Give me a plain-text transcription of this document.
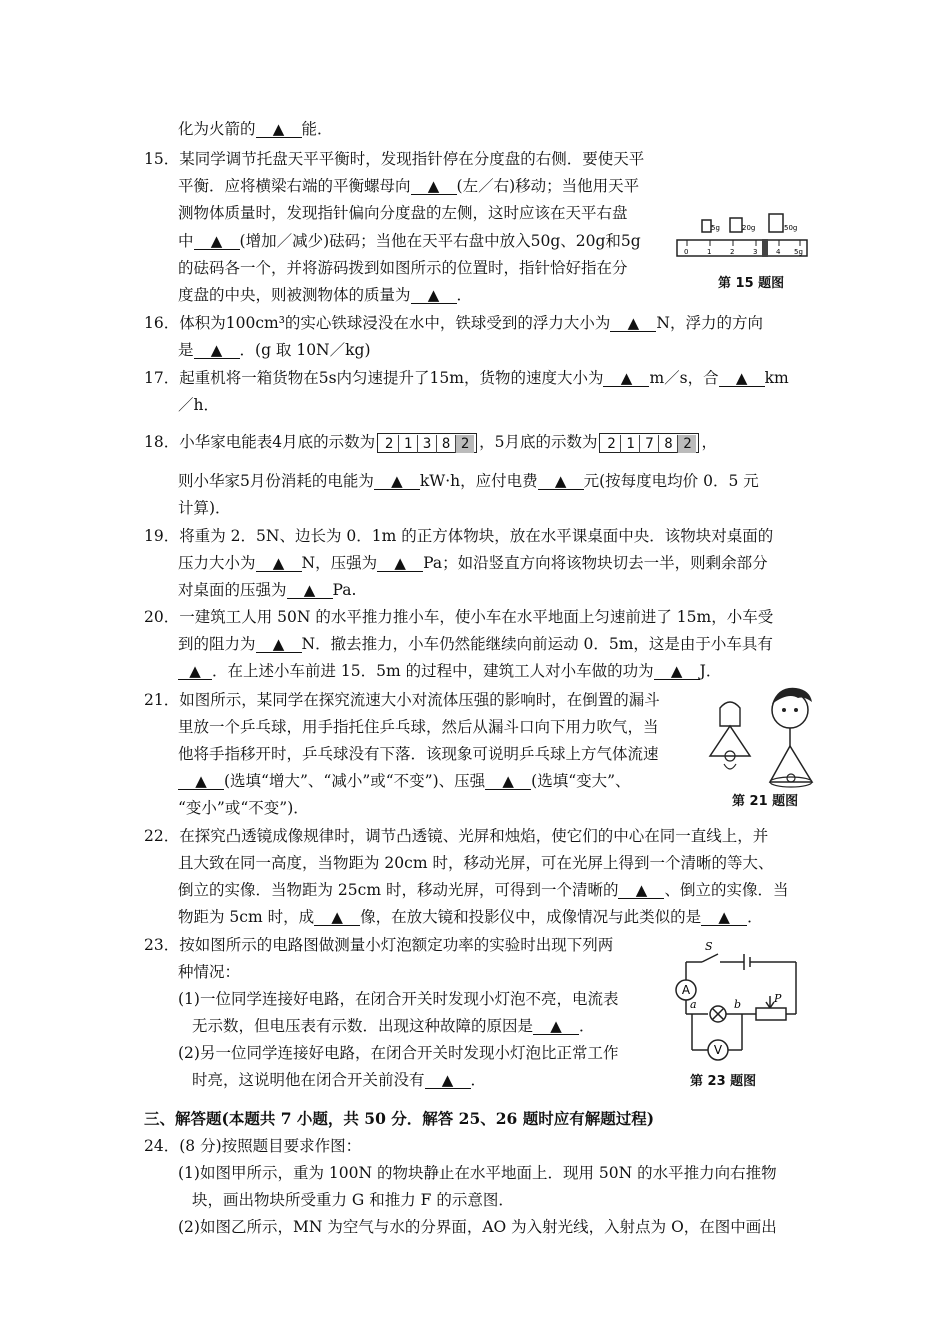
化为火箭的 ▲ 能．
15．某同学调节托盘天平平衡时，发现指针停在分度盘的右侧．要使天平
平衡．应将横梁右端的平衡螺母向 ▲ (左／右)移动；当他用天平
测物体质量时，发现指针偏向分度盘的左侧，这时应该在天平右盘
中 ▲ (增加／减少)砝码；当他在天平右盘中放入50g、20g和5g
的砝码各一个，并将游码拨到如图所示的位置时，指针恰好指在分
度盘的中央，则被测物体的质量为 ▲ ．
5g	20g	50g
0	1	2	3	4 5g
第 15 题图
16．体积为100cm³的实心铁球浸没在水中，铁球受到的浮力大小为 ▲ N，浮力的方向
是 ▲ ．(g 取 10N／kg)
17．起重机将一箱货物在5s内匀速提升了15m，货物的速度大小为 ▲ m／s，合 ▲ km
／h．
18．小华家电能表4月底的示数为 2 1 3 8 2 ，5月底的示数为 2 1 7 8 2 ，
则小华家5月份消耗的电能为 ▲ kW·h，应付电费 ▲ 元(按每度电均价 0．5 元
计算)．
19．将重为 2．5N、边长为 0．1m 的正方体物块，放在水平课桌面中央．该物块对桌面的
压力大小为 ▲ N，压强为 ▲ Pa；如沿竖直方向将该物块切去一半，则剩余部分
对桌面的压强为 ▲ Pa.
20．一建筑工人用 50N 的水平推力推小车，使小车在水平地面上匀速前进了 15m，小车受
到的阻力为 ▲ N．撤去推力，小车仍然能继续向前运动 0．5m，这是由于小车具有
▲ ．在上述小车前进 15．5m 的过程中，建筑工人对小车做的功为 ▲ J．
21．如图所示，某同学在探究流速大小对流体压强的影响时，在倒置的漏斗
里放一个乒乓球，用手指托住乒乓球，然后从漏斗口向下用力吹气，当
他将手指移开时，乒乓球没有下落．该现象可说明乒乓球上方气体流速
▲ (选填“增大”、“减小”或“不变”)、压强 ▲ (选填“变大”、
“变小”或“不变”)．	第 21 题图
22．在探究凸透镜成像规律时，调节凸透镜、光屏和烛焰，使它们的中心在同一直线上，并
且大致在同一高度，当物距为 20cm 时，移动光屏，可在光屏上得到一个清晰的等大、
倒立的实像．当物距为 25cm 时，移动光屏，可得到一个清晰的 ▲ 、倒立的实像．当
物距为 5cm 时，成 ▲ 像，在放大镜和投影仪中，成像情况与此类似的是 ▲ ．
23．按如图所示的电路图做测量小灯泡额定功率的实验时出现下列两
种情况：
(1)一位同学连接好电路，在闭合开关时发现小灯泡不亮，电流表
无示数，但电压表有示数．出现这种故障的原因是 ▲ ．
(2)另一位同学连接好电路，在闭合开关时发现小灯泡比正常工作
时亮，这说明他在闭合开关前没有 ▲ ．
S
a	b	P
A
V
第 23 题图
三、解答题(本题共 7 小题，共 50 分．解答 25、26 题时应有解题过程)
24．(8 分)按照题目要求作图：
(1)如图甲所示，重为 100N 的物块静止在水平地面上．现用 50N 的水平推力向右推物
块，画出物块所受重力 G 和推力 F 的示意图．
(2)如图乙所示，MN 为空气与水的分界面，AO 为入射光线，入射点为 O，在图中画出
